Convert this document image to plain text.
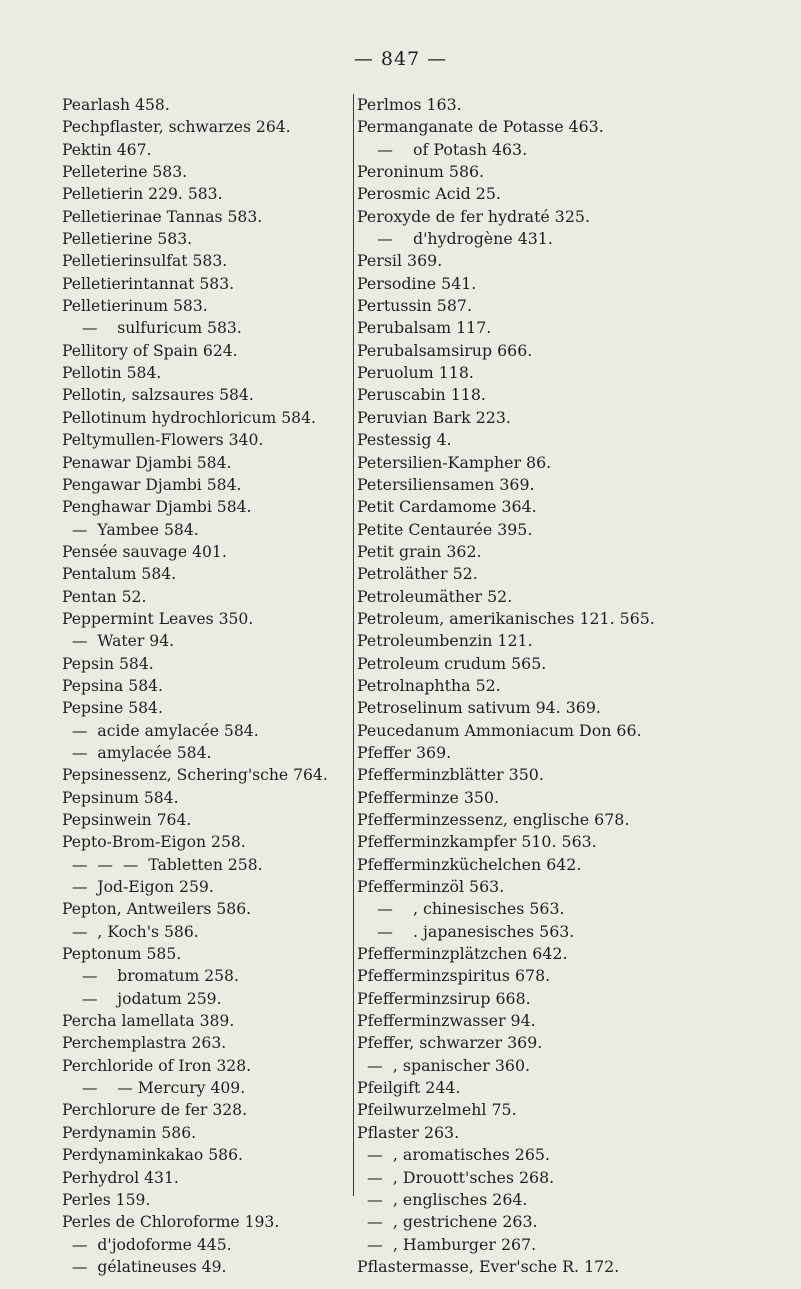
— 847 —
Pearlash 458.
Pechpflaster, schwarzes 264.
Pektin 467.
Pelleterine 583.
Pelletierin 229. 583.
Pelletierinae Tannas 583.
Pelletierine 583.
Pelletierinsulfat 583.
Pelletierintannat 583.
Pelletierinum 583.
—    sulfuricum 583.
Pellitory of Spain 624.
Pellotin 584.
Pellotin, salzsaures 584.
Pellotinum hydrochloricum 584.
Peltymullen-Flowers 340.
Penawar Djambi 584.
Pengawar Djambi 584.
Penghawar Djambi 584.
—  Yambee 584.
Pensée sauvage 401.
Pentalum 584.
Pentan 52.
Peppermint Leaves 350.
—  Water 94.
Pepsin 584.
Pepsina 584.
Pepsine 584.
—  acide amylacée 584.
—  amylacée 584.
Pepsinessenz, Schering'sche 764.
Pepsinum 584.
Pepsinwein 764.
Pepto-Brom-Eigon 258.
—  —  —  Tabletten 258.
—  Jod-Eigon 259.
Pepton, Antweilers 586.
—  , Koch's 586.
Peptonum 585.
—    bromatum 258.
—    jodatum 259.
Percha lamellata 389.
Perchemplastra 263.
Perchloride of Iron 328.
—    — Mercury 409.
Perchlorure de fer 328.
Perdynamin 586.
Perdynaminkakao 586.
Perhydrol 431.
Perles 159.
Perles de Chloroforme 193.
—  d'jodoforme 445.
—  gélatineuses 49.
Perlmos 163.
Permanganate de Potasse 463.
—    of Potash 463.
Peroninum 586.
Perosmic Acid 25.
Peroxyde de fer hydraté 325.
—    d'hydrogène 431.
Persil 369.
Persodine 541.
Pertussin 587.
Perubalsam 117.
Perubalsamsirup 666.
Peruolum 118.
Peruscabin 118.
Peruvian Bark 223.
Pestessig 4.
Petersilien-Kampher 86.
Petersiliensamen 369.
Petit Cardamome 364.
Petite Centaurée 395.
Petit grain 362.
Petroläther 52.
Petroleumäther 52.
Petroleum, amerikanisches 121. 565.
Petroleumbenzin 121.
Petroleum crudum 565.
Petrolnaphtha 52.
Petroselinum sativum 94. 369.
Peucedanum Ammoniacum Don 66.
Pfeffer 369.
Pfefferminzblätter 350.
Pfefferminze 350.
Pfefferminzessenz, englische 678.
Pfefferminzkampfer 510. 563.
Pfefferminzküchelchen 642.
Pfefferminzöl 563.
—    , chinesisches 563.
—    . japanesisches 563.
Pfefferminzplätzchen 642.
Pfefferminzspiritus 678.
Pfefferminzsirup 668.
Pfefferminzwasser 94.
Pfeffer, schwarzer 369.
—  , spanischer 360.
Pfeilgift 244.
Pfeilwurzelmehl 75.
Pflaster 263.
—  , aromatisches 265.
—  , Drouott'sches 268.
—  , englisches 264.
—  , gestrichene 263.
—  , Hamburger 267.
Pflastermasse, Ever'sche R. 172.
